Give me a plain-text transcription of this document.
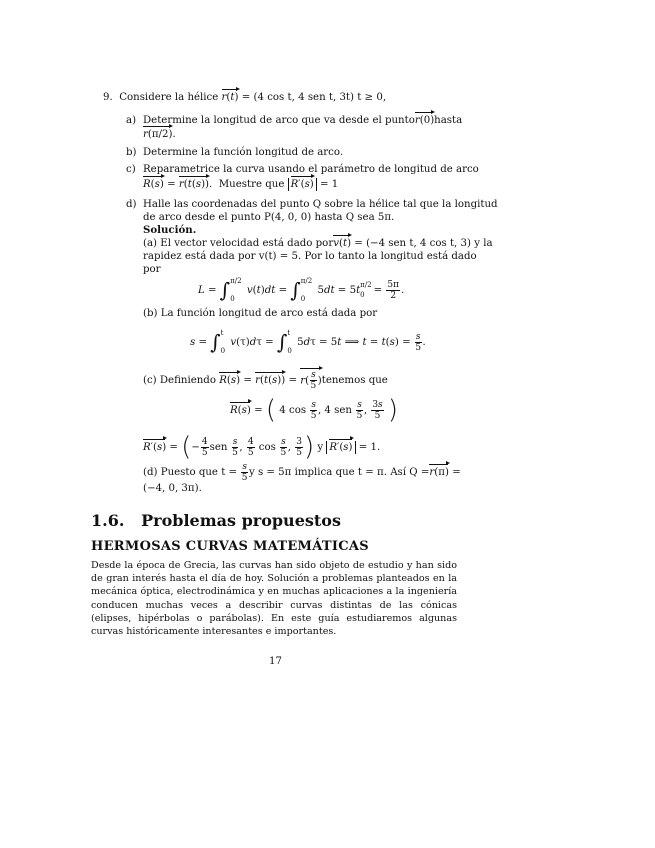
9. Considere la hélice r(t) = (4 cos t, 4 sen t, 3t) t ≥ 0,
a) Determine la longitud de arco que va desde el punto r(0) hasta
r(π/2).
b) Determine la función longitud de arco.
c) Reparametrice la curva usando el parámetro de longitud de arco
R(s) = r(t(s)).  Muestre que R′(s) = 1
d) Halle las coordenadas del punto Q sobre la hélice tal que la longitud
de arco desde el punto P(4, 0, 0) hasta Q sea 5π.
Solución.
(a) El vector velocidad está dado por v(t) = (−4 sen t, 4 cos t, 3) y la
rapidez está dada por v(t) = 5. Por lo tanto la longitud está dado
por
L = ∫ π/2
0

v ( t ) dt = ∫ π/2
0
5 dt = 5 t π/2
$0 = \frac{5\pi}{2}$ .
(b) La función longitud de arco está dada por
s = ∫ t
0

v (τ) d τ = ∫ t
0
5 d τ = 5 t ⟹ t = t ( s ) = $\frac{s}{5}$ .
(c) Definiendo
$R(s) = r(t(s)) = r( \frac{s}{5}$ ) tenemos que
R(s) = ( 4 $\cos \frac{s}{5}$ , 4 sen $\frac{s}{5}$ , $\frac{3s}{5}$
)
R′(s) = ( − $\frac{4}{5}$ sen $\frac{s}{5}$ , $\frac{4}{5}$ $\cos \frac{s}{5}$ , $\frac{3}{5}$ ) y R′(s)
= 1.
(d) Puesto que t =
$\frac{s}{5}$ y s = 5π implica que t = π. Así Q = r(π) =
(−4, 0, 3π).
1.6. Problemas propuestos
HERMOSAS CURVAS MATEMÁTICAS
Desde la época de Grecia, las curvas han sido objeto de estudio y han sido de gran interés hasta el día de hoy. Solución a problemas planteados en la mecánica óptica, electrodinámica y en muchas aplicaciones a la ingeniería conducen muchas veces a describir curvas distintas de las cónicas (elipses, hipérbolas o parábolas). En este guía estudiaremos algunas curvas históricamente interesantes e importantes.
17
